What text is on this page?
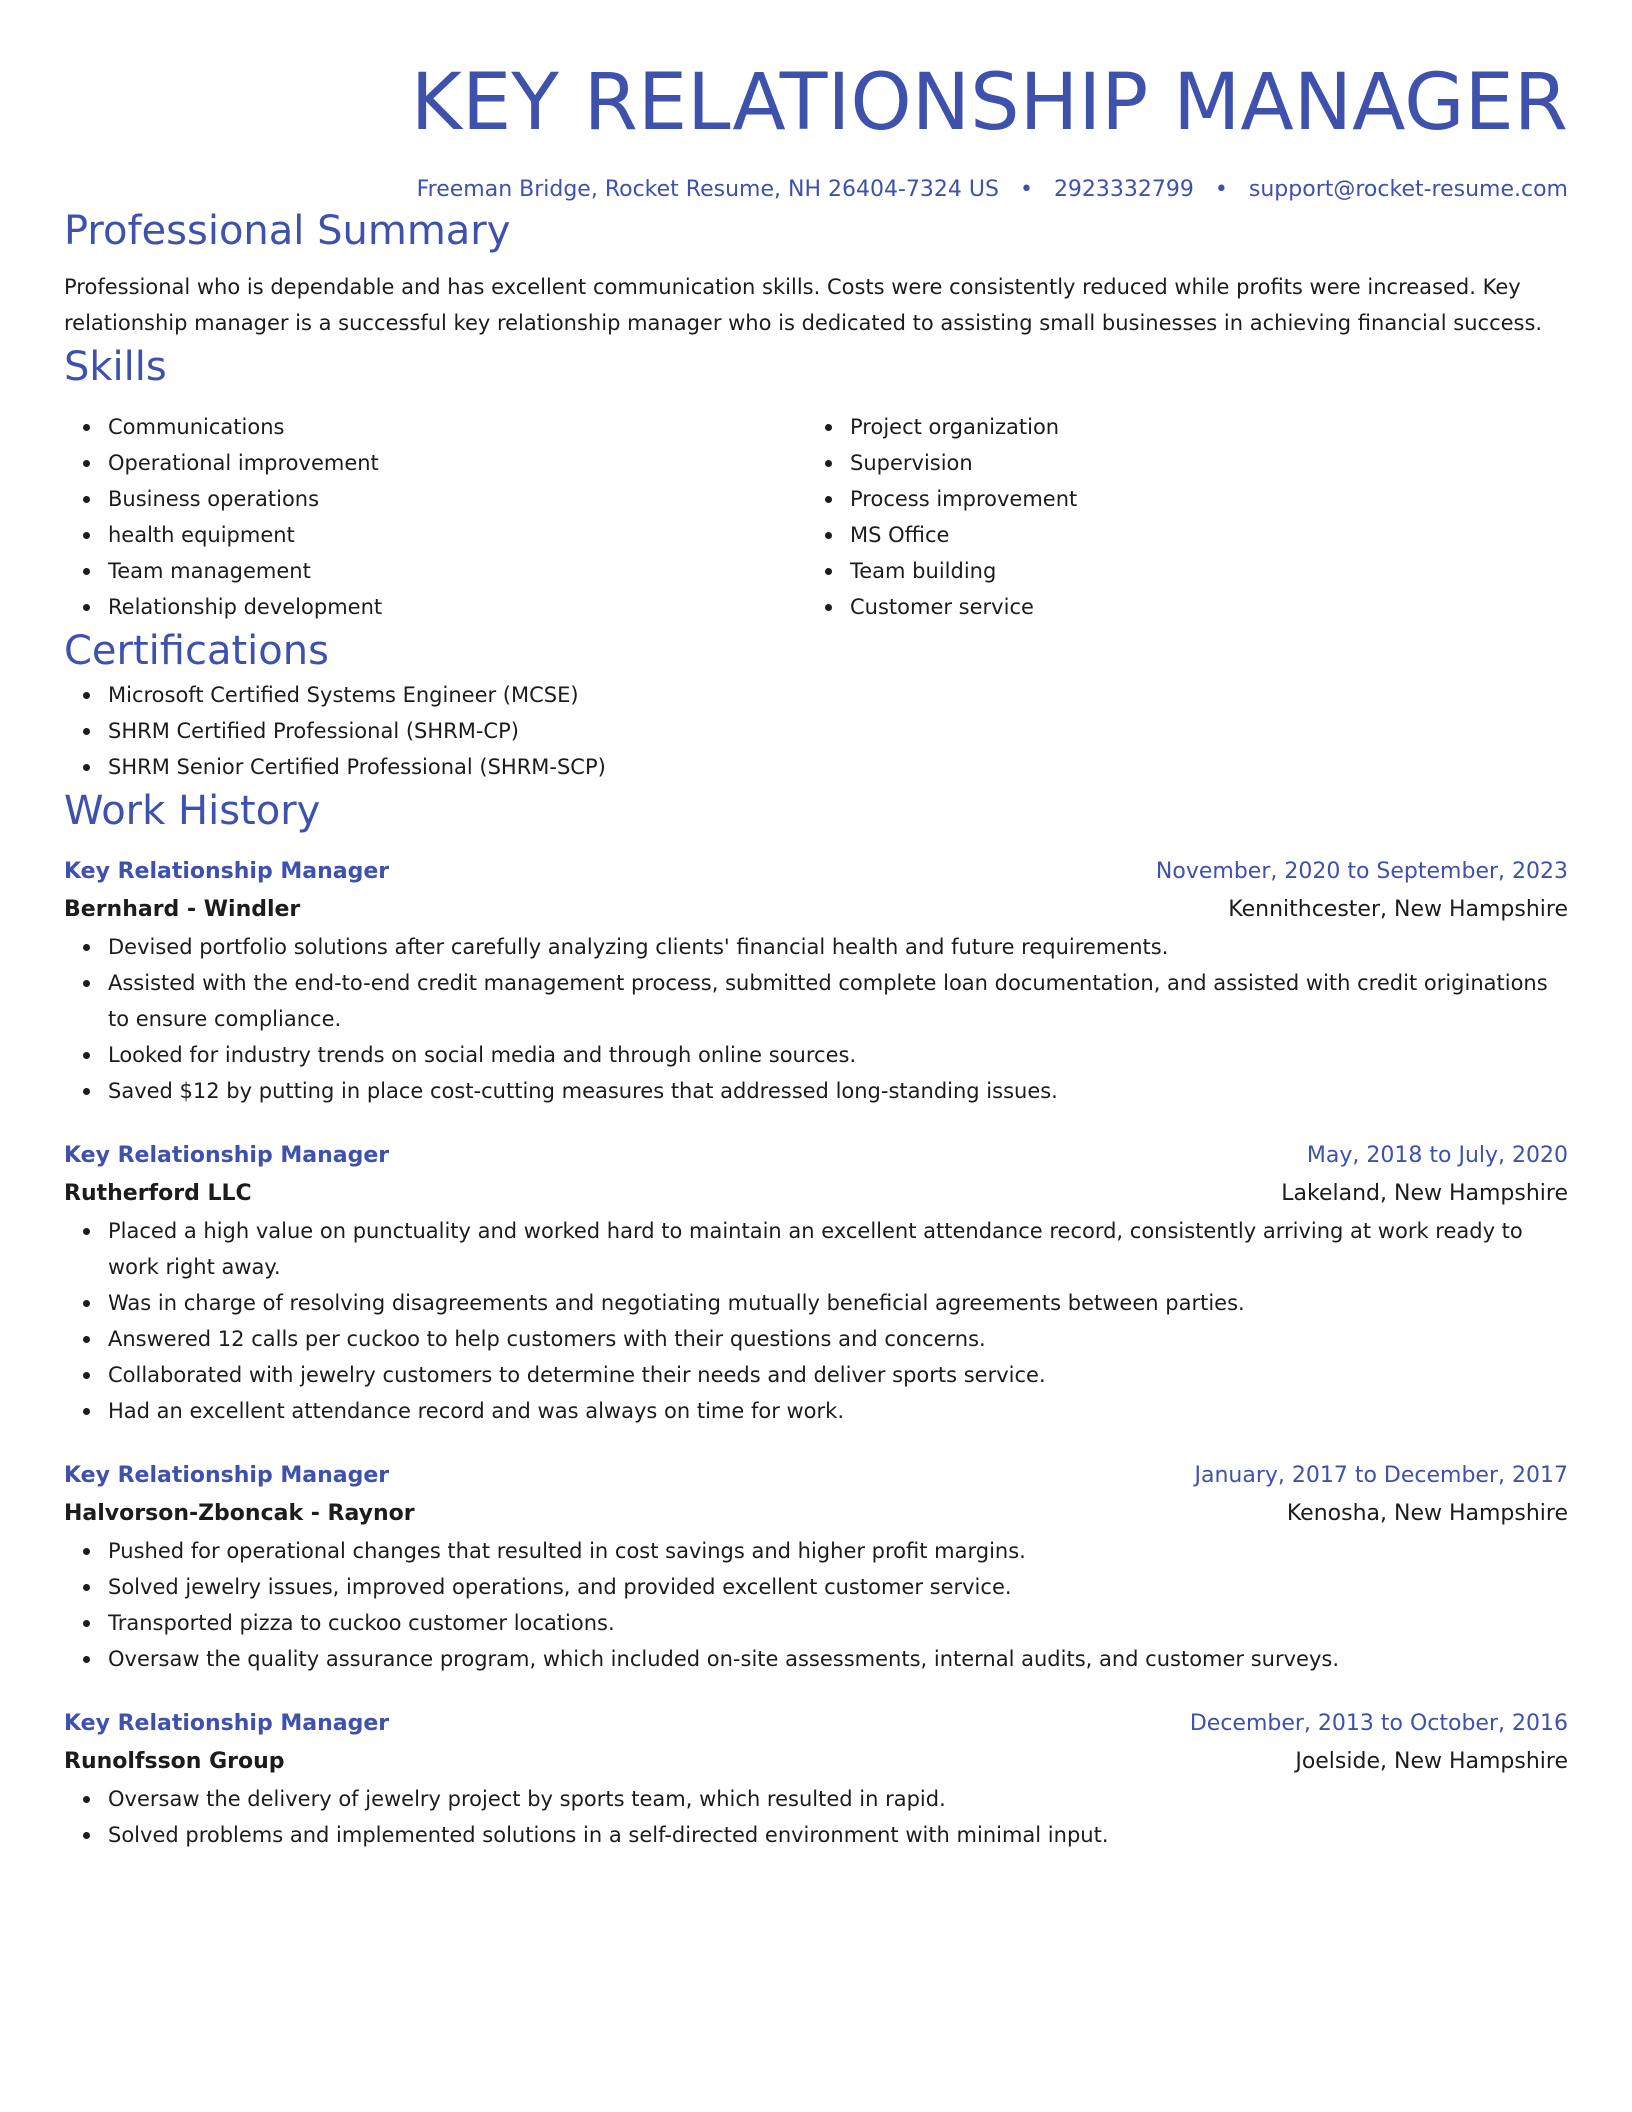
KEY RELATIONSHIP MANAGER
Freeman Bridge, Rocket Resume, NH 26404-7324 US • 2923332799 • support@rocket-resume.com
Professional Summary
Professional who is dependable and has excellent communication skills. Costs were consistently reduced while profits were increased. Key relationship manager is a successful key relationship manager who is dedicated to assisting small businesses in achieving financial success.
Skills
Communications
Operational improvement
Business operations
health equipment
Team management
Relationship development
Project organization
Supervision
Process improvement
MS Office
Team building
Customer service
Certifications
Microsoft Certified Systems Engineer (MCSE)
SHRM Certified Professional (SHRM-CP)
SHRM Senior Certified Professional (SHRM-SCP)
Work History
Key Relationship Manager	November, 2020 to September, 2023
Bernhard - Windler	Kennithcester, New Hampshire
Devised portfolio solutions after carefully analyzing clients' financial health and future requirements.
Assisted with the end-to-end credit management process, submitted complete loan documentation, and assisted with credit originations to ensure compliance.
Looked for industry trends on social media and through online sources.
Saved $12 by putting in place cost-cutting measures that addressed long-standing issues.
Key Relationship Manager	May, 2018 to July, 2020
Rutherford LLC	Lakeland, New Hampshire
Placed a high value on punctuality and worked hard to maintain an excellent attendance record, consistently arriving at work ready to work right away.
Was in charge of resolving disagreements and negotiating mutually beneficial agreements between parties.
Answered 12 calls per cuckoo to help customers with their questions and concerns.
Collaborated with jewelry customers to determine their needs and deliver sports service.
Had an excellent attendance record and was always on time for work.
Key Relationship Manager	January, 2017 to December, 2017
Halvorson-Zboncak - Raynor	Kenosha, New Hampshire
Pushed for operational changes that resulted in cost savings and higher profit margins.
Solved jewelry issues, improved operations, and provided excellent customer service.
Transported pizza to cuckoo customer locations.
Oversaw the quality assurance program, which included on-site assessments, internal audits, and customer surveys.
Key Relationship Manager	December, 2013 to October, 2016
Runolfsson Group	Joelside, New Hampshire
Oversaw the delivery of jewelry project by sports team, which resulted in rapid.
Solved problems and implemented solutions in a self-directed environment with minimal input.
